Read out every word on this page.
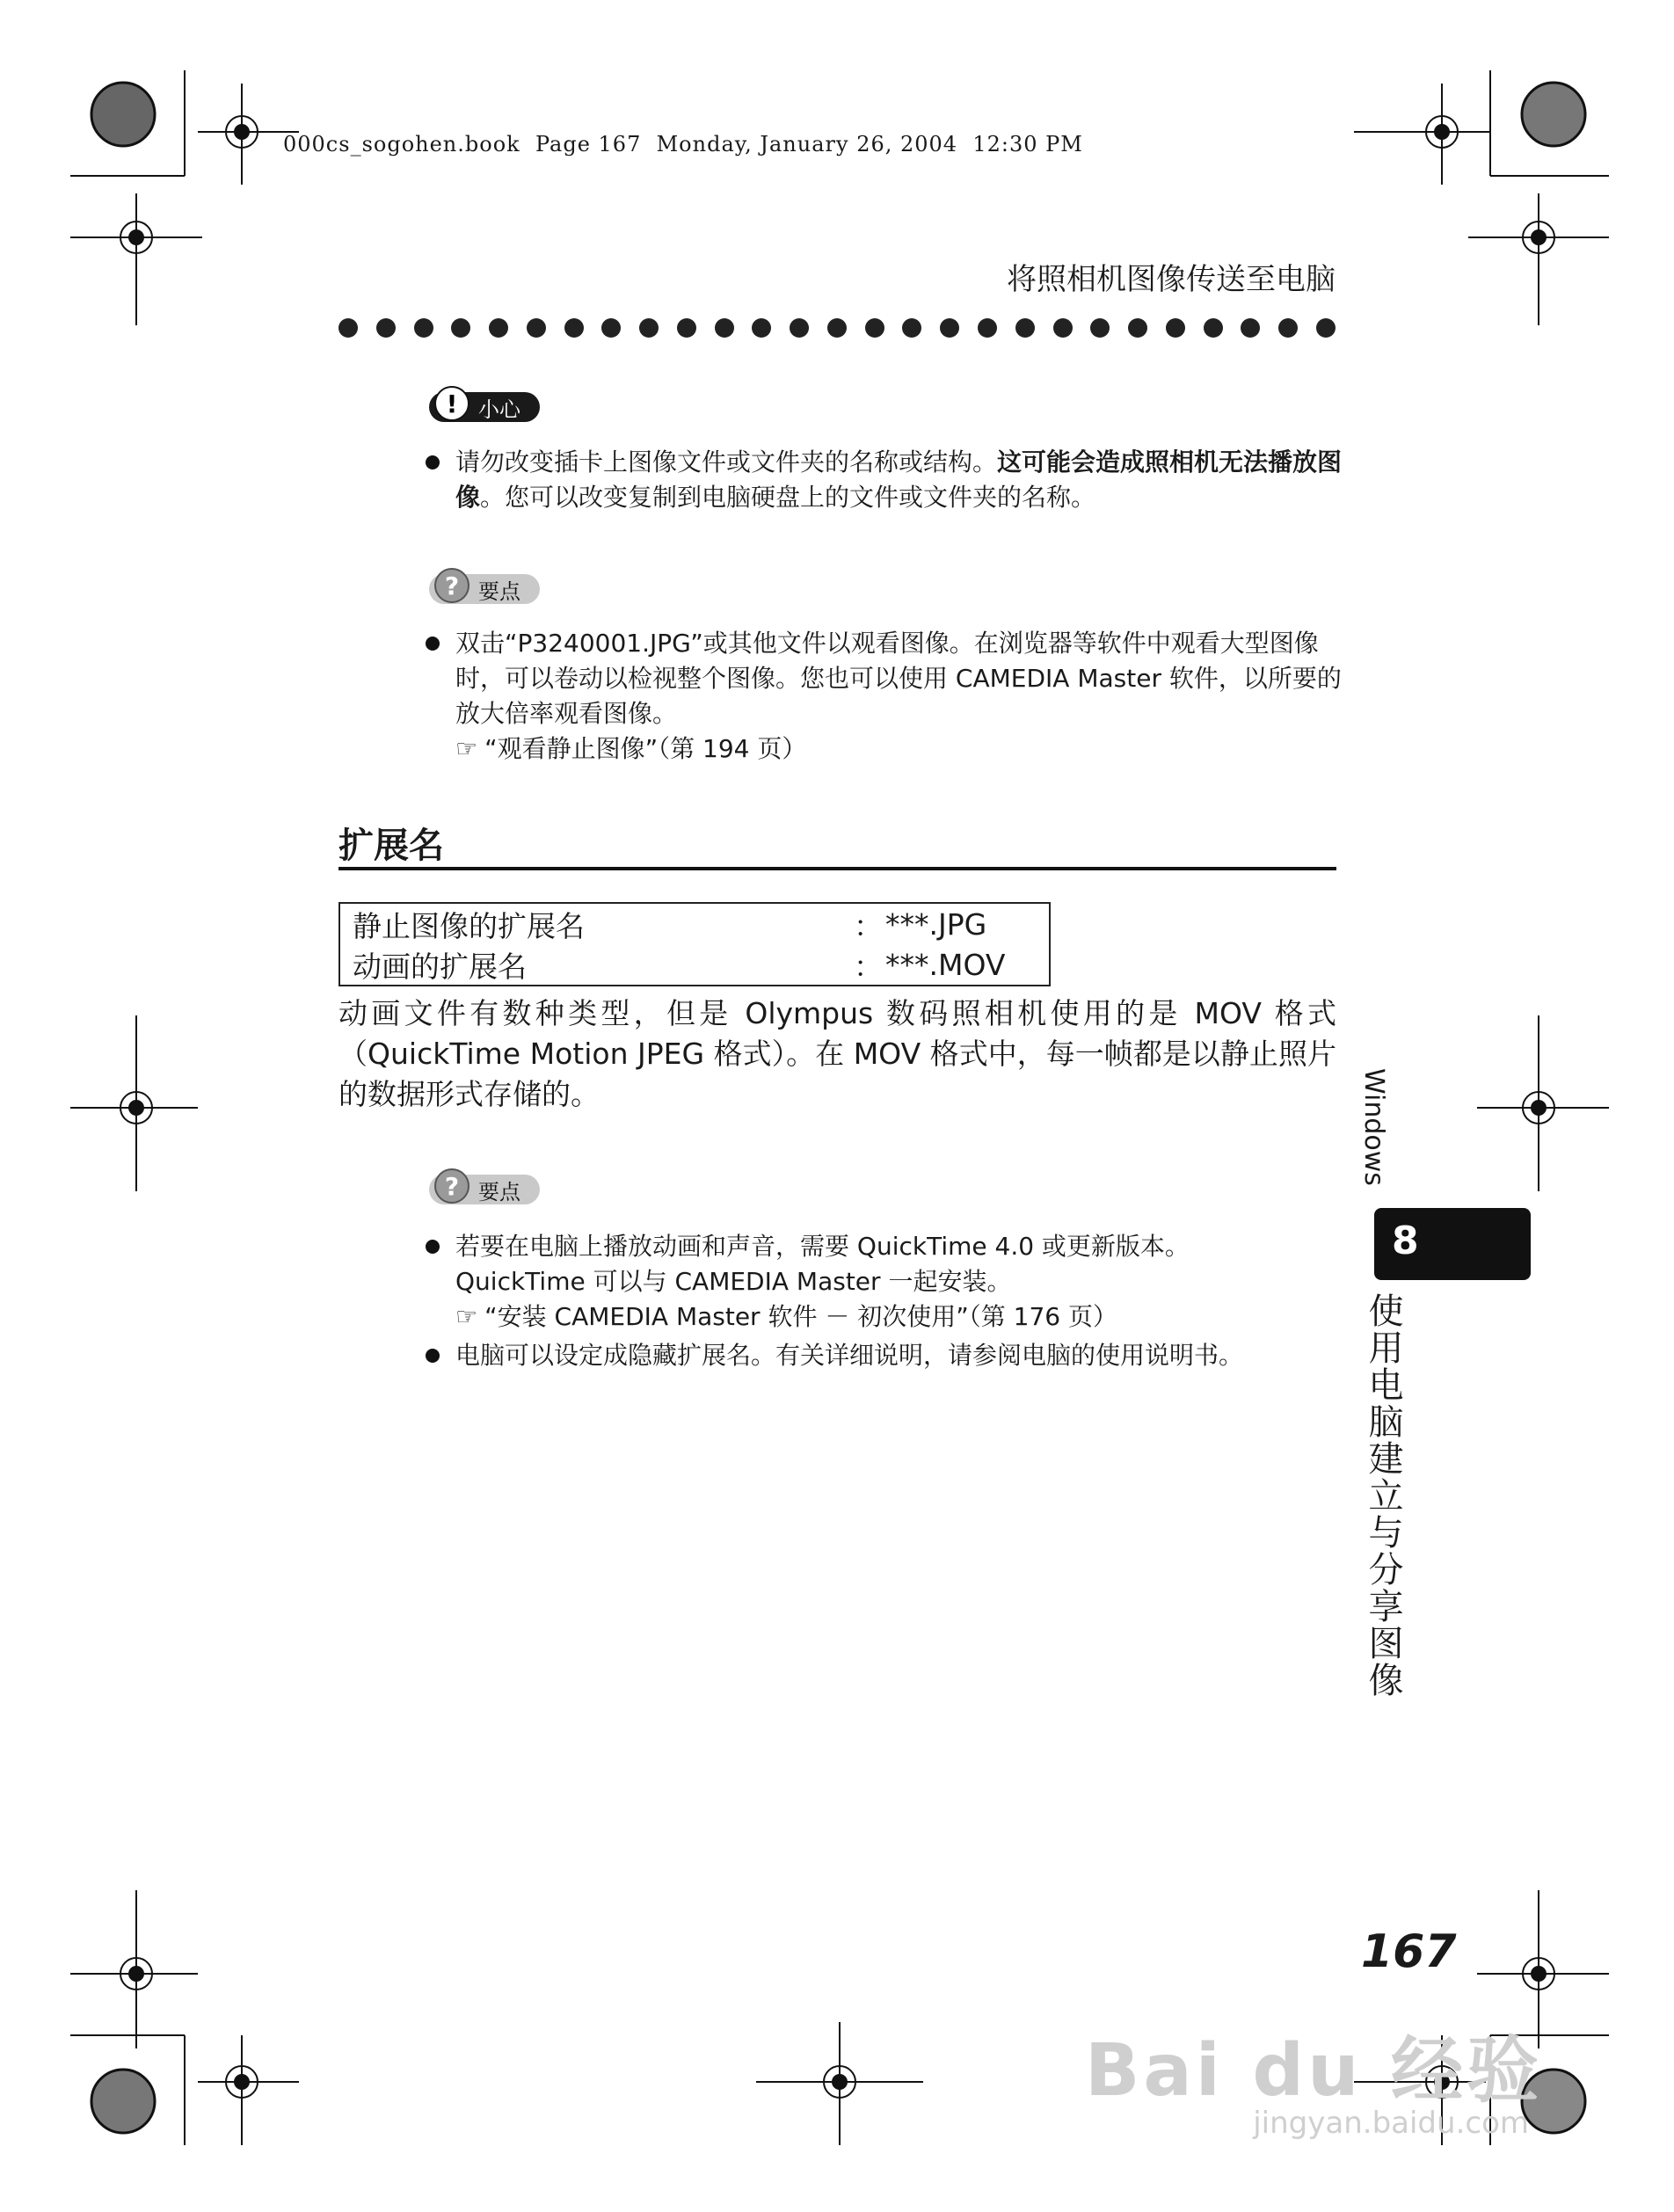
000cs_sogohen.book  Page 167  Monday, January 26, 2004  12:30 PM
将照相机图像传送至电脑
! 小心
请勿改变插卡上图像文件或文件夹的名称或结构。这可能会造成照相机无法播放图像。您可以改变复制到电脑硬盘上的文件或文件夹的名称。
? 要点
双击“P3240001.JPG”或其他文件以观看图像。在浏览器等软件中观看大型图像时，可以卷动以检视整个图像。您也可以使用 CAMEDIA Master 软件，以所要的放大倍率观看图像。
☞ “观看静止图像”（第 194 页）
扩展名
静止图像的扩展名	： ***.JPG
动画的扩展名	： ***.MOV
动画文件有数种类型，但是 Olympus 数码照相机使用的是 MOV 格式（QuickTime Motion JPEG 格式）。在 MOV 格式中，每一帧都是以静止照片的数据形式存储的。
? 要点
若要在电脑上播放动画和声音，需要 QuickTime 4.0 或更新版本。
QuickTime 可以与 CAMEDIA Master 一起安装。
☞ “安装 CAMEDIA Master 软件 － 初次使用”（第 176 页）
电脑可以设定成隐藏扩展名。有关详细说明，请参阅电脑的使用说明书。
Windows
8
使用电脑建立与分享图像
167
Bai du 经验
jingyan.baidu.com
